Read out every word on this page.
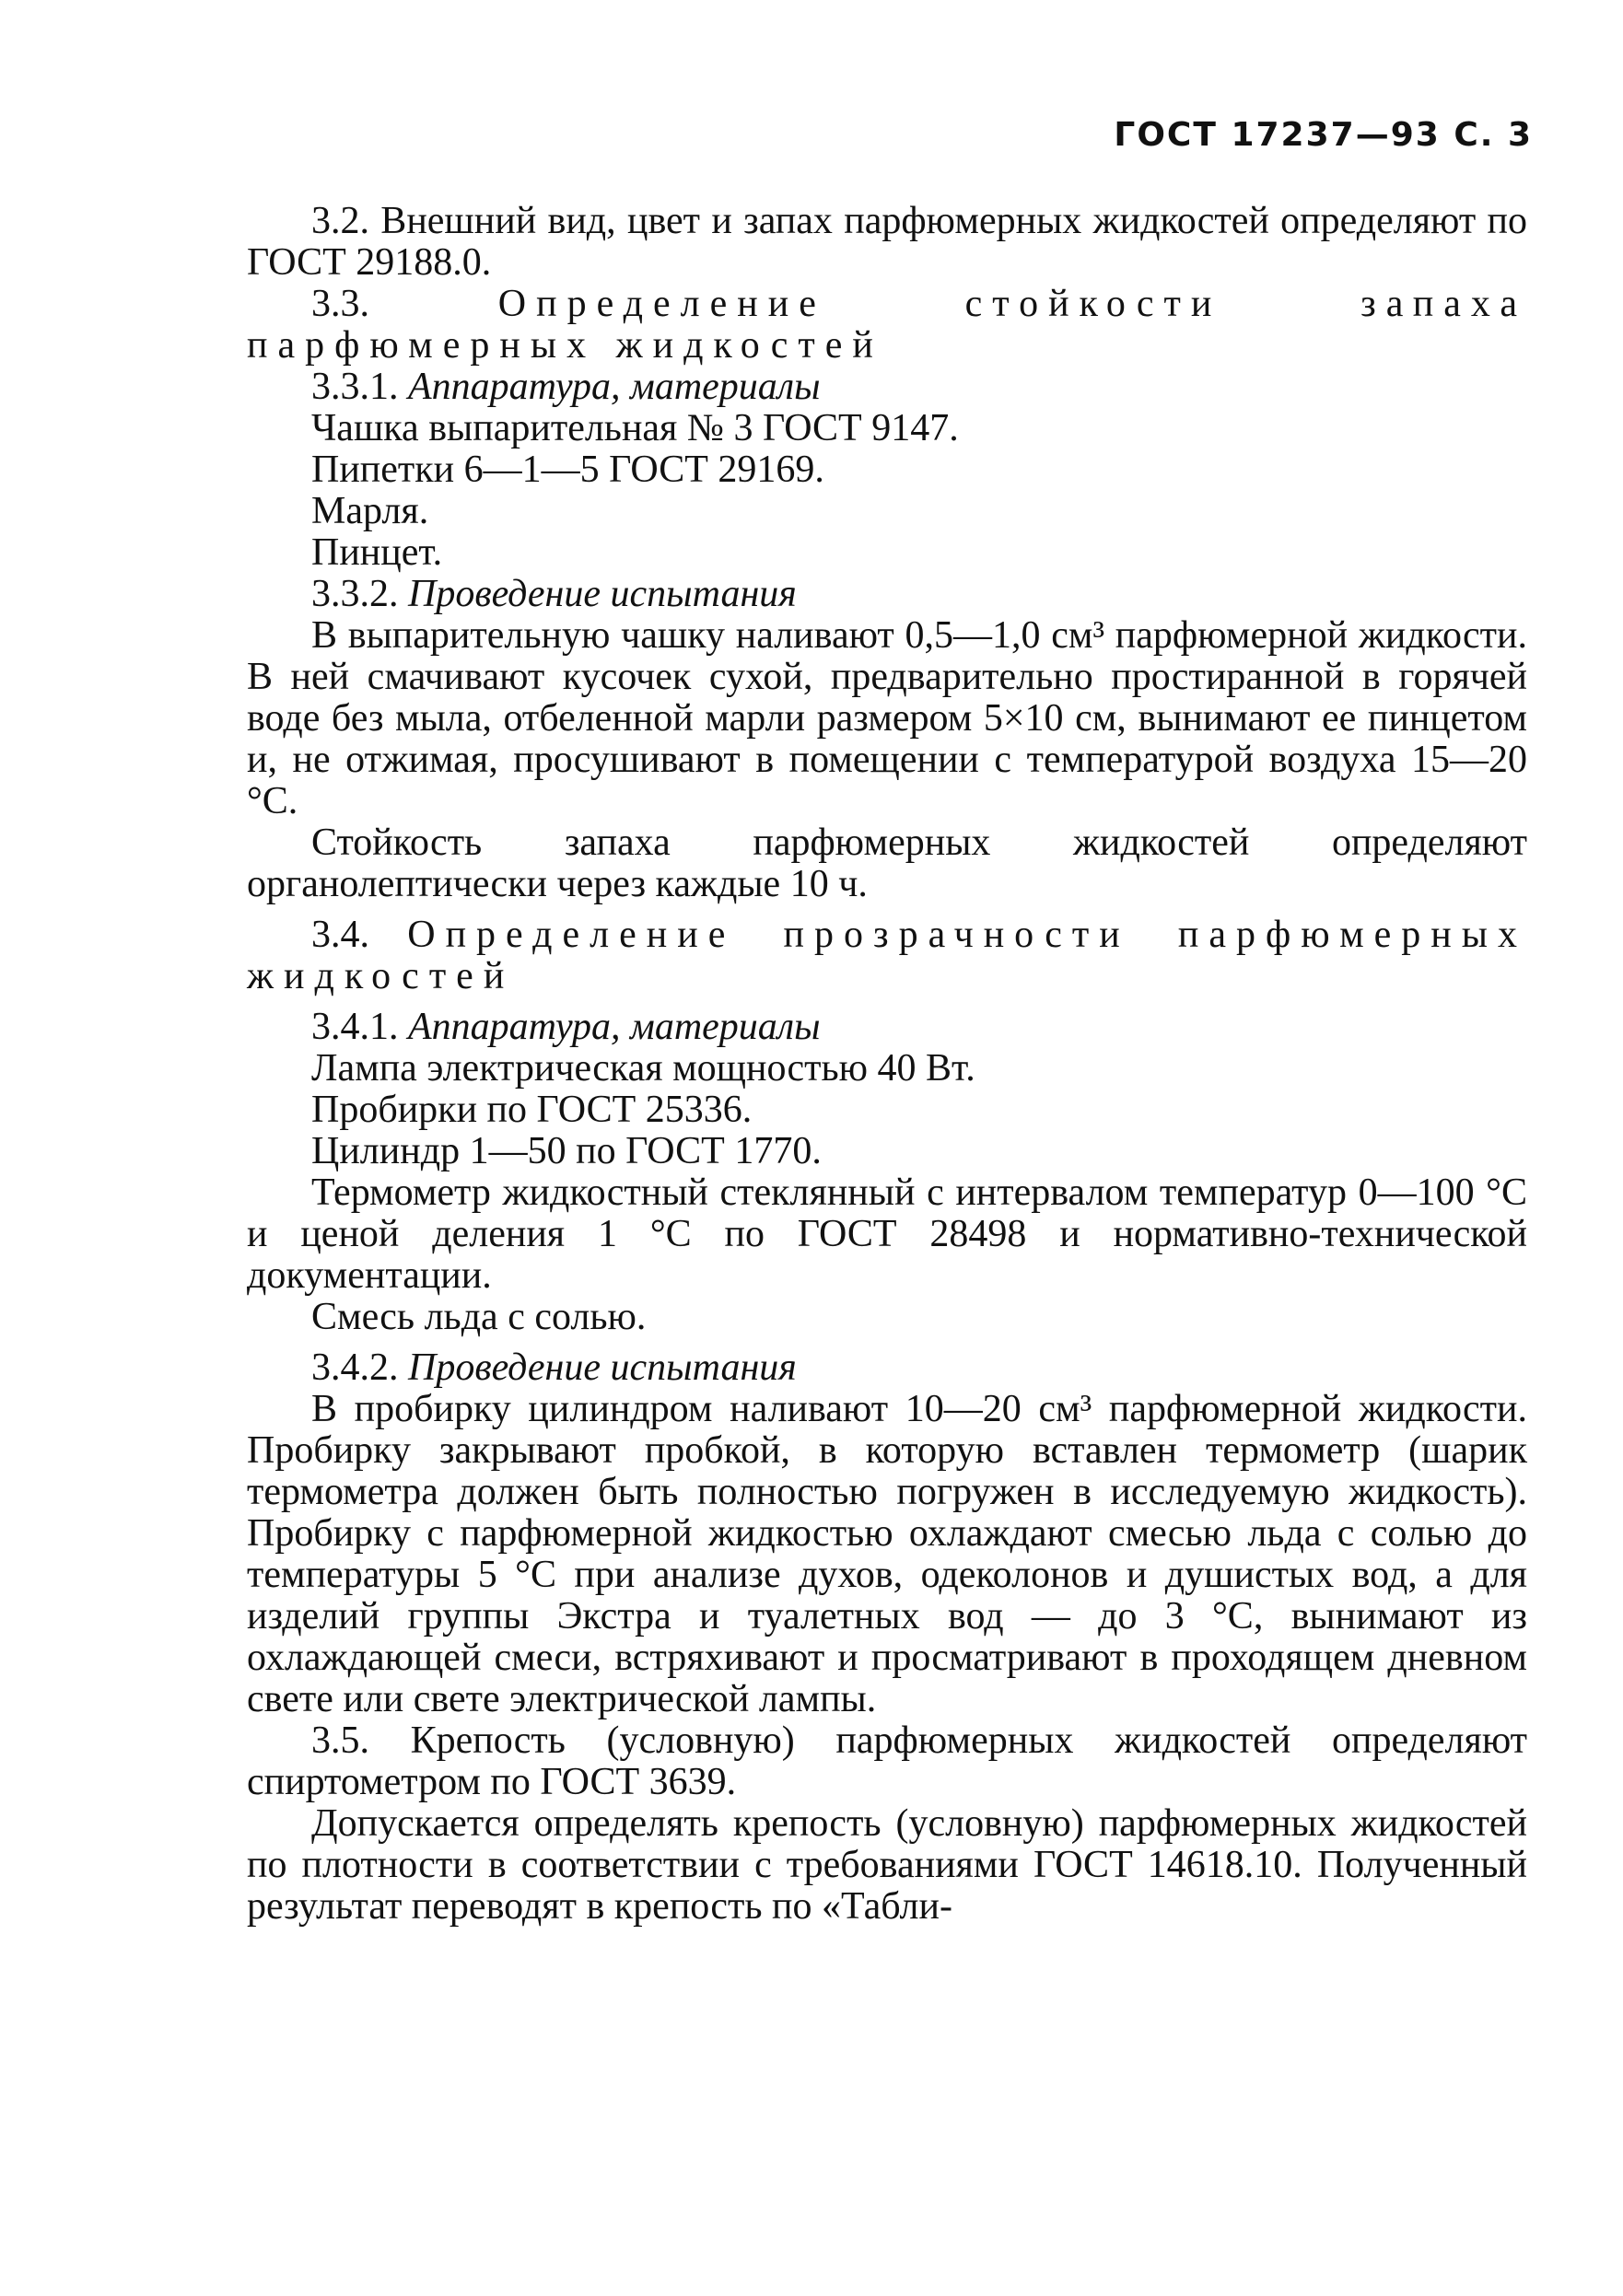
ГОСТ 17237—93 С. 3

3.2. Внешний вид, цвет и запах парфюмерных жидкостей определяют по ГОСТ 29188.0.

3.3.	Определение стойкости запаха парфюмерных жидкостей

3.3.1. Аппаратура, материалы

Чашка выпарительная № 3 ГОСТ 9147.

Пипетки 6—1—5 ГОСТ 29169.

Марля.

Пинцет.

3.3.2. Проведение испытания

В выпарительную чашку наливают 0,5—1,0 см³ парфюмерной жидкости. В ней смачивают кусочек сухой, предварительно простиранной в горячей воде без мыла, отбеленной марли размером 5×10 см, вынимают ее пинцетом и, не отжимая, просушивают в помещении с температурой воздуха 15—20 °С.

Стойкость запаха парфюмерных жидкостей определяют органолептически через каждые 10 ч.

3.4. Определение прозрачности парфюмерных жидкостей

3.4.1. Аппаратура, материалы

Лампа электрическая мощностью 40 Вт.

Пробирки по ГОСТ 25336.

Цилиндр 1—50 по ГОСТ 1770.

Термометр жидкостный стеклянный с интервалом температур 0—100 °С и ценой деления 1 °С по ГОСТ 28498 и нормативно-технической документации.

Смесь льда с солью.

3.4.2. Проведение испытания

В пробирку цилиндром наливают 10—20 см³ парфюмерной жидкости. Пробирку закрывают пробкой, в которую вставлен термометр (шарик термометра должен быть полностью погружен в исследуемую жидкость). Пробирку с парфюмерной жидкостью охлаждают смесью льда с солью до температуры 5 °С при анализе духов, одеколонов и душистых вод, а для изделий группы Экстра и туалетных вод — до 3 °С, вынимают из охлаждающей смеси, встряхивают и просматривают в проходящем дневном свете или свете электрической лампы.

3.5. Крепость (условную) парфюмерных жидкостей определяют спиртометром по ГОСТ 3639.

Допускается определять крепость (условную) парфюмерных жидкостей по плотности в соответствии с требованиями ГОСТ 14618.10. Полученный результат переводят в крепость по «Табли-
